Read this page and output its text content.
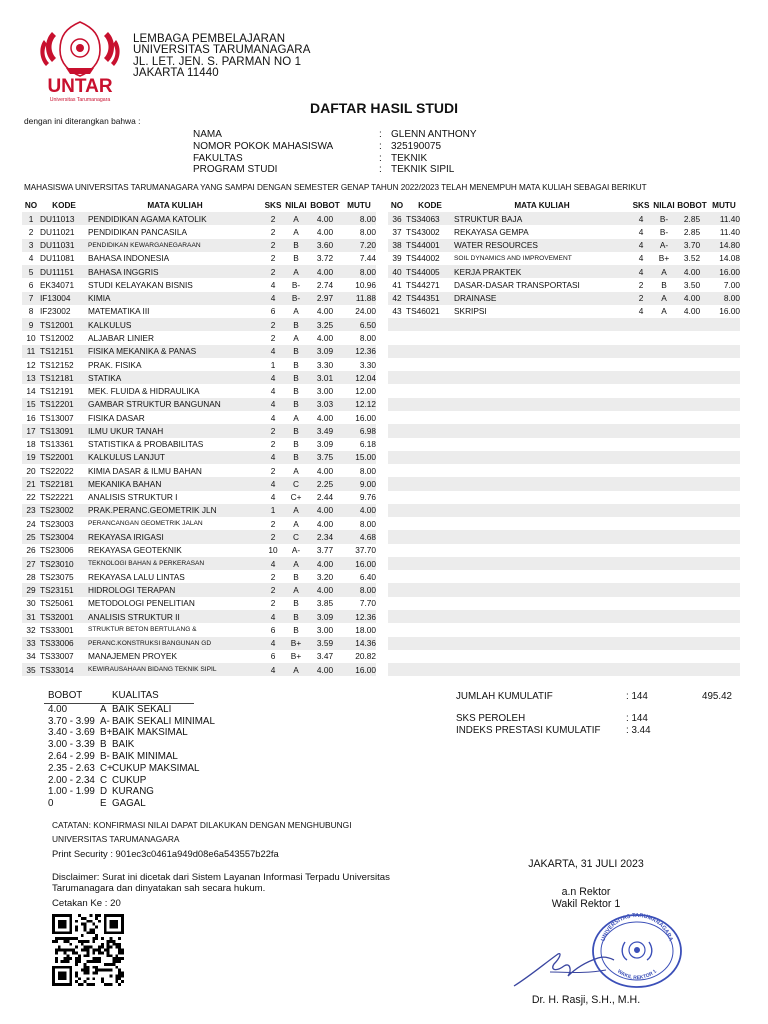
UNTAR
Universitas Tarumanagara
LEMBAGA PEMBELAJARAN
UNIVERSITAS TARUMANAGARA
JL. LET. JEN. S. PARMAN NO 1
JAKARTA 11440
DAFTAR HASIL STUDI
dengan ini diterangkan bahwa :
NAMA	: GLENN ANTHONY
NOMOR POKOK MAHASISWA	: 325190075
FAKULTAS	: TEKNIK
PROGRAM STUDI	: TEKNIK SIPIL
MAHASISWA UNIVERSITAS TARUMANAGARA YANG SAMPAI DENGAN SEMESTER GENAP TAHUN 2022/2023 TELAH MENEMPUH MATA KULIAH SEBAGAI BERIKUT
NO	KODE	MATA KULIAH	SKS	NILAI	BOBOT	MUTU
1	DU11013	PENDIDIKAN AGAMA KATOLIK	2	A	4.00	8.00
2	DU11021	PENDIDIKAN PANCASILA	2	A	4.00	8.00
3	DU11031	PENDIDIKAN KEWARGANEGARAAN	2	B	3.60	7.20
4	DU11081	BAHASA INDONESIA	2	B	3.72	7.44
5	DU11151	BAHASA INGGRIS	2	A	4.00	8.00
6	EK34071	STUDI KELAYAKAN BISNIS	4	B-	2.74	10.96
7	IF13004	KIMIA	4	B-	2.97	11.88
8	IF23002	MATEMATIKA III	6	A	4.00	24.00
9	TS12001	KALKULUS	2	B	3.25	6.50
10	TS12002	ALJABAR LINIER	2	A	4.00	8.00
11	TS12151	FISIKA MEKANIKA & PANAS	4	B	3.09	12.36
12	TS12152	PRAK. FISIKA	1	B	3.30	3.30
13	TS12181	STATIKA	4	B	3.01	12.04
14	TS12191	MEK. FLUIDA & HIDRAULIKA	4	B	3.00	12.00
15	TS12201	GAMBAR STRUKTUR BANGUNAN	4	B	3.03	12.12
16	TS13007	FISIKA DASAR	4	A	4.00	16.00
17	TS13091	ILMU UKUR TANAH	2	B	3.49	6.98
18	TS13361	STATISTIKA & PROBABILITAS	2	B	3.09	6.18
19	TS22001	KALKULUS LANJUT	4	B	3.75	15.00
20	TS22022	KIMIA DASAR & ILMU BAHAN	2	A	4.00	8.00
21	TS22181	MEKANIKA BAHAN	4	C	2.25	9.00
22	TS22221	ANALISIS STRUKTUR I	4	C+	2.44	9.76
23	TS23002	PRAK.PERANC.GEOMETRIK JLN	1	A	4.00	4.00
24	TS23003	PERANCANGAN GEOMETRIK JALAN	2	A	4.00	8.00
25	TS23004	REKAYASA IRIGASI	2	C	2.34	4.68
26	TS23006	REKAYASA GEOTEKNIK	10	A-	3.77	37.70
27	TS23010	TEKNOLOGI BAHAN & PERKERASAN	4	A	4.00	16.00
28	TS23075	REKAYASA LALU LINTAS	2	B	3.20	6.40
29	TS23151	HIDROLOGI TERAPAN	2	A	4.00	8.00
30	TS25061	METODOLOGI PENELITIAN	2	B	3.85	7.70
31	TS32001	ANALISIS STRUKTUR II	4	B	3.09	12.36
32	TS33001	STRUKTUR BETON BERTULANG &	6	B	3.00	18.00
33	TS33006	PERANC.KONSTRUKSI BANGUNAN GD	4	B+	3.59	14.36
34	TS33007	MANAJEMEN PROYEK	6	B+	3.47	20.82
35	TS33014	KEWIRAUSAHAAN BIDANG TEKNIK SIPIL	4	A	4.00	16.00
NO	KODE	MATA KULIAH	SKS	NILAI	BOBOT	MUTU
36	TS34063	STRUKTUR BAJA	4	B-	2.85	11.40
37	TS43002	REKAYASA GEMPA	4	B-	2.85	11.40
38	TS44001	WATER RESOURCES	4	A-	3.70	14.80
39	TS44002	SOIL DYNAMICS AND IMPROVEMENT	4	B+	3.52	14.08
40	TS44005	KERJA PRAKTEK	4	A	4.00	16.00
41	TS44271	DASAR-DASAR TRANSPORTASI	2	B	3.50	7.00
42	TS44351	DRAINASE	2	A	4.00	8.00
43	TS46021	SKRIPSI	4	A	4.00	16.00

BOBOT	KUALITAS
4.00	A BAIK SEKALI
3.70 - 3.99 A- BAIK SEKALI MINIMAL
3.40 - 3.69 B+ BAIK MAKSIMAL
3.00 - 3.39 B BAIK
2.64 - 2.99 B- BAIK MINIMAL
2.35 - 2.63 C+ CUKUP MAKSIMAL
2.00 - 2.34 C CUKUP
1.00 - 1.99 D KURANG
0	E GAGAL
JUMLAH KUMULATIF	: 144	495.42
SKS PEROLEH	: 144
INDEKS PRESTASI KUMULATIF	: 3.44
CATATAN: KONFIRMASI NILAI DAPAT DILAKUKAN DENGAN MENGHUBUNGI
UNIVERSITAS TARUMANAGARA
Print Security : 901ec3c0461a949d08e6a543557b22fa
Disclaimer: Surat ini dicetak dari Sistem Layanan Informasi Terpadu Universitas Tarumanagara dan dinyatakan sah secara hukum.
Cetakan Ke : 20
JAKARTA, 31 JULI 2023
a.n Rektor
Wakil Rektor 1
UNIVERSITAS TARUMANAGARA
WAKIL REKTOR 1
Dr. H. Rasji, S.H., M.H.
